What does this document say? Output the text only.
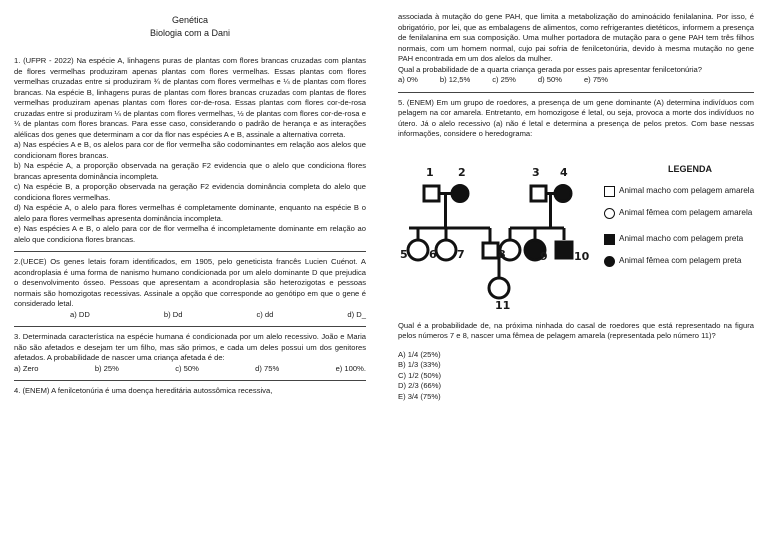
Genética
Biologia com a Dani

1. (UFPR - 2022) Na espécie A, linhagens puras de plantas com flores brancas cruzadas com plantas de flores vermelhas produziram apenas plantas com flores vermelhas. Essas plantas com flores vermelhas cruzadas entre si produziram ¾ de plantas com flores vermelhas e ¼ de plantas com flores brancas. Na espécie B, linhagens puras de plantas com flores brancas cruzadas com plantas de flores vermelhas produziram apenas plantas com flores cor-de-rosa. Essas plantas com flores cor-de-rosa cruzadas entre si produziram ¼ de plantas com flores vermelhas, ½ de plantas com flores cor-de-rosa e ¼ de plantas com flores brancas. Para esse caso, considerando o padrão de herança e as interações alélicas dos genes que determinam a cor da flor nas espécies A e B, assinale a alternativa correta.

a) Nas espécies A e B, os alelos para cor de flor vermelha são codominantes em relação aos alelos que condicionam flores brancas.

b) Na espécie A, a proporção observada na geração F2 evidencia que o alelo que condiciona flores brancas apresenta dominância incompleta.

c) Na espécie B, a proporção observada na geração F2 evidencia dominância completa do alelo que condiciona flores vermelhas.

d) Na espécie A, o alelo para flores vermelhas é completamente dominante, enquanto na espécie B o alelo para flores vermelhas apresenta dominância incompleta.

e) Nas espécies A e B, o alelo para cor de flor vermelha é incompletamente dominante em relação ao alelo que condiciona flores brancas.

2.(UECE) Os genes letais foram identificados, em 1905, pelo geneticista francês Lucien Cuénot. A acondroplasia é uma forma de nanismo humano condicionada por um alelo dominante D que prejudica o desenvolvimento ósseo. Pessoas que apresentam a acondroplasia são heterozigotas e pessoas normais são homozigotas recessivas. Assinale a opção que corresponde ao genótipo em que o gene é considerado letal.

a) DD	b) Dd	c) dd	d) D_

3. Determinada característica na espécie humana é condicionada por um alelo recessivo. João e Maria não são afetados e desejam ter um filho, mas são primos, e cada um deles possui um dos genitores afetados. A probabilidade de nascer uma criança afetada é de:

a) Zero	b) 25%	c) 50%	d) 75%	e) 100%.

4. (ENEM) A fenilcetonúria é uma doença hereditária autossômica recessiva,

associada à mutação do gene PAH, que limita a metabolização do aminoácido fenilalanina. Por isso, é obrigatório, por lei, que as embalagens de alimentos, como refrigerantes dietéticos, informem a presença de fenilalanina em sua composição. Uma mulher portadora de mutação para o gene PAH tem três filhos normais, com um homem normal, cujo pai sofria de fenilcetonúria, devido à mesma mutação no gene PAH encontrada em um dos alelos da mulher.

Qual a probabilidade de a quarta criança gerada por esses pais apresentar fenilcetonúria?

a) 0%	b) 12,5%	c) 25%	d) 50%	e) 75%

5. (ENEM) Em um grupo de roedores, a presença de um gene dominante (A) determina indivíduos com pelagem na cor amarela. Entretanto, em homozigose é letal, ou seja, provoca a morte dos indivíduos no útero. Já o alelo recessivo (a) não é letal e determina a presença de pelos pretos. Com base nessas informações, considere o heredograma:

1 2	3 4
5 6 7	8	9 10
11
LEGENDA
Animal macho com pelagem amarela
Animal fêmea com pelagem amarela
Animal macho com pelagem preta
Animal fêmea com pelagem preta

Qual é a probabilidade de, na próxima ninhada do casal de roedores que está representado na figura pelos números 7 e 8, nascer uma fêmea de pelagem amarela (representada pelo número 11)?

A) 1/4 (25%)
B) 1/3 (33%)
C) 1/2 (50%)
D) 2/3 (66%)
E) 3/4 (75%)
